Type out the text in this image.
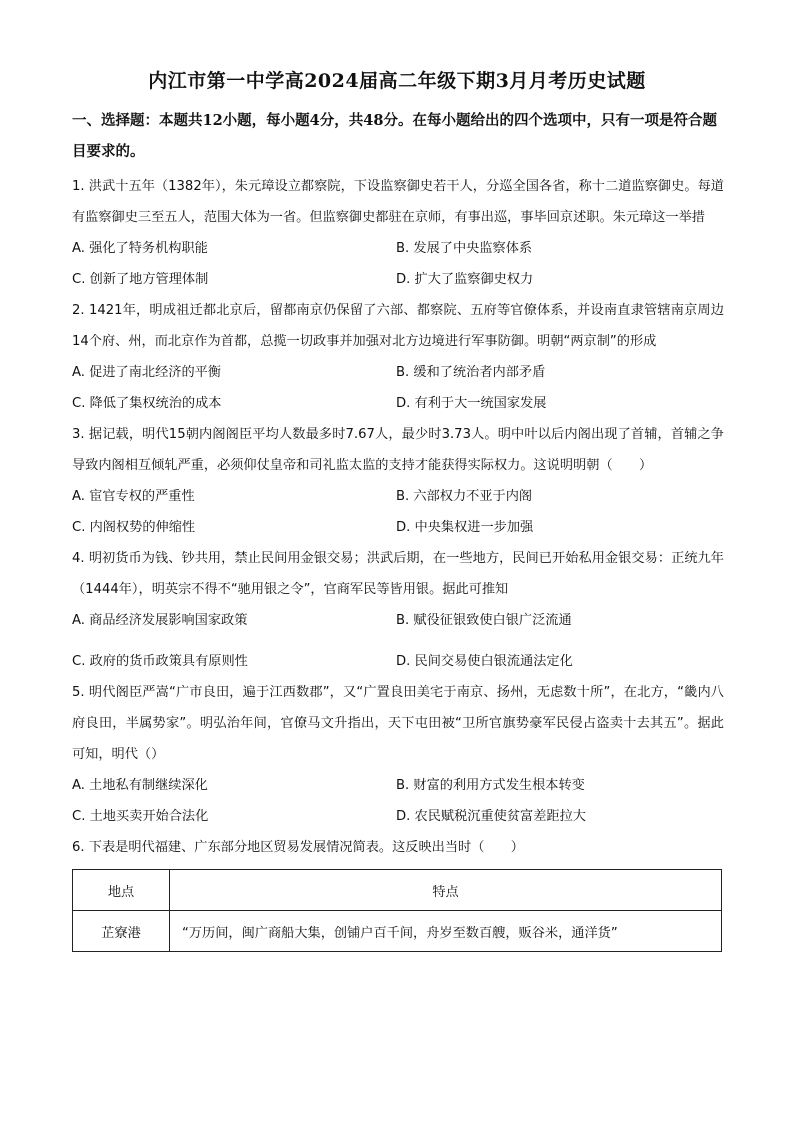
内江市第一中学高2024届高二年级下期3月月考历史试题
一、选择题：本题共12小题，每小题4分，共48分。在每小题给出的四个选项中，只有一项是符合题目要求的。

1. 洪武十五年（1382年），朱元璋设立都察院，下设监察御史若干人，分巡全国各省，称十二道监察御史。每道有监察御史三至五人，范围大体为一省。但监察御史都驻在京师，有事出巡，事毕回京述职。朱元璋这一举措

A. 强化了特务机构职能	B. 发展了中央监察体系
C. 创新了地方管理体制	D. 扩大了监察御史权力

2. 1421年，明成祖迁都北京后，留都南京仍保留了六部、都察院、五府等官僚体系，并设南直隶管辖南京周边14个府、州，而北京作为首都，总揽一切政事并加强对北方边境进行军事防御。明朝“两京制”的形成

A. 促进了南北经济的平衡	B. 缓和了统治者内部矛盾
C. 降低了集权统治的成本	D. 有利于大一统国家发展

3. 据记载，明代15朝内阁阁臣平均人数最多时7.67人，最少时3.73人。明中叶以后内阁出现了首辅，首辅之争导致内阁相互倾轧严重，必须仰仗皇帝和司礼监太监的支持才能获得实际权力。这说明明朝（　　）

A. 宦官专权的严重性	B. 六部权力不亚于内阁
C. 内阁权势的伸缩性	D. 中央集权进一步加强

4. 明初货币为钱、钞共用，禁止民间用金银交易；洪武后期，在一些地方，民间已开始私用金银交易：正统九年（1444年），明英宗不得不“驰用银之令”，官商军民等皆用银。据此可推知

A. 商品经济发展影响国家政策	B. 赋役征银致使白银广泛流通
C. 政府的货币政策具有原则性	D. 民间交易使白银流通法定化

5. 明代阁臣严嵩“广市良田，遍于江西数郡”，又“广置良田美宅于南京、扬州，无虑数十所”，在北方，“畿内八府良田，半属势家”。明弘治年间，官僚马文升指出，天下屯田被“卫所官旗势豪军民侵占盗卖十去其五”。据此可知，明代（）

A. 土地私有制继续深化	B. 财富的利用方式发生根本转变
C. 土地买卖开始合法化	D. 农民赋税沉重使贫富差距拉大

6. 下表是明代福建、广东部分地区贸易发展情况简表。这反映出当时（　　）

地点	特点
芷寮港	“万历间，闽广商船大集，创铺户百千间，舟岁至数百艘，贩谷米，通洋货”
